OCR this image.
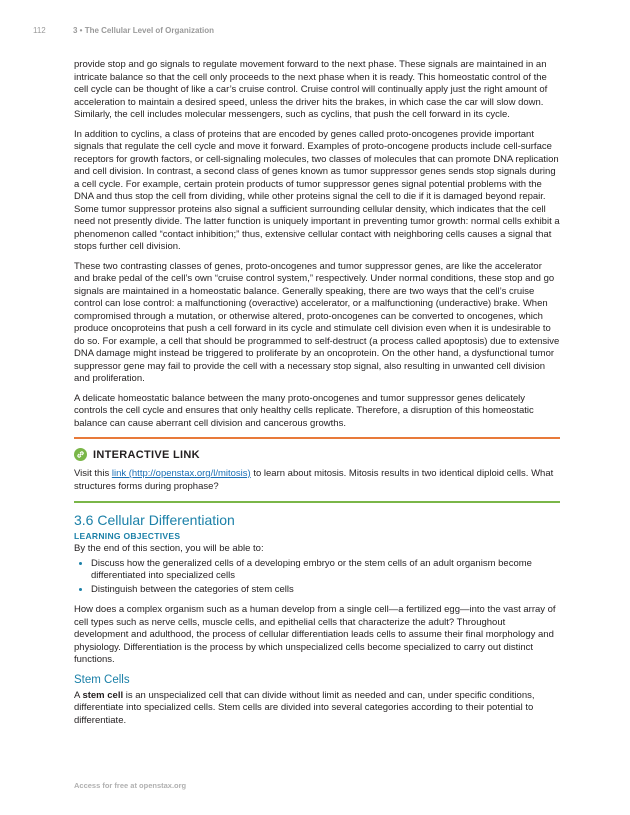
112	3 • The Cellular Level of Organization

provide stop and go signals to regulate movement forward to the next phase. These signals are maintained in an intricate balance so that the cell only proceeds to the next phase when it is ready. This homeostatic control of the cell cycle can be thought of like a car’s cruise control. Cruise control will continually apply just the right amount of acceleration to maintain a desired speed, unless the driver hits the brakes, in which case the car will slow down. Similarly, the cell includes molecular messengers, such as cyclins, that push the cell forward in its cycle.

In addition to cyclins, a class of proteins that are encoded by genes called proto-oncogenes provide important signals that regulate the cell cycle and move it forward. Examples of proto-oncogene products include cell-surface receptors for growth factors, or cell-signaling molecules, two classes of molecules that can promote DNA replication and cell division. In contrast, a second class of genes known as tumor suppressor genes sends stop signals during a cell cycle. For example, certain protein products of tumor suppressor genes signal potential problems with the DNA and thus stop the cell from dividing, while other proteins signal the cell to die if it is damaged beyond repair. Some tumor suppressor proteins also signal a sufficient surrounding cellular density, which indicates that the cell need not presently divide. The latter function is uniquely important in preventing tumor growth: normal cells exhibit a phenomenon called “contact inhibition;” thus, extensive cellular contact with neighboring cells causes a signal that stops further cell division.

These two contrasting classes of genes, proto-oncogenes and tumor suppressor genes, are like the accelerator and brake pedal of the cell’s own “cruise control system,” respectively. Under normal conditions, these stop and go signals are maintained in a homeostatic balance. Generally speaking, there are two ways that the cell’s cruise control can lose control: a malfunctioning (overactive) accelerator, or a malfunctioning (underactive) brake. When compromised through a mutation, or otherwise altered, proto-oncogenes can be converted to oncogenes, which produce oncoproteins that push a cell forward in its cycle and stimulate cell division even when it is undesirable to do so. For example, a cell that should be programmed to self-destruct (a process called apoptosis) due to extensive DNA damage might instead be triggered to proliferate by an oncoprotein. On the other hand, a dysfunctional tumor suppressor gene may fail to provide the cell with a necessary stop signal, also resulting in unwanted cell division and proliferation.

A delicate homeostatic balance between the many proto-oncogenes and tumor suppressor genes delicately controls the cell cycle and ensures that only healthy cells replicate. Therefore, a disruption of this homeostatic balance can cause aberrant cell division and cancerous growths.

INTERACTIVE LINK

Visit this link (http://openstax.org/l/mitosis) to learn about mitosis. Mitosis results in two identical diploid cells. What structures forms during prophase?

3.6 Cellular Differentiation
LEARNING OBJECTIVES

By the end of this section, you will be able to:

• Discuss how the generalized cells of a developing embryo or the stem cells of an adult organism become differentiated into specialized cells
• Distinguish between the categories of stem cells

How does a complex organism such as a human develop from a single cell—a fertilized egg—into the vast array of cell types such as nerve cells, muscle cells, and epithelial cells that characterize the adult? Throughout development and adulthood, the process of cellular differentiation leads cells to assume their final morphology and physiology. Differentiation is the process by which unspecialized cells become specialized to carry out distinct functions.

Stem Cells

A stem cell is an unspecialized cell that can divide without limit as needed and can, under specific conditions, differentiate into specialized cells. Stem cells are divided into several categories according to their potential to differentiate.

Access for free at openstax.org
